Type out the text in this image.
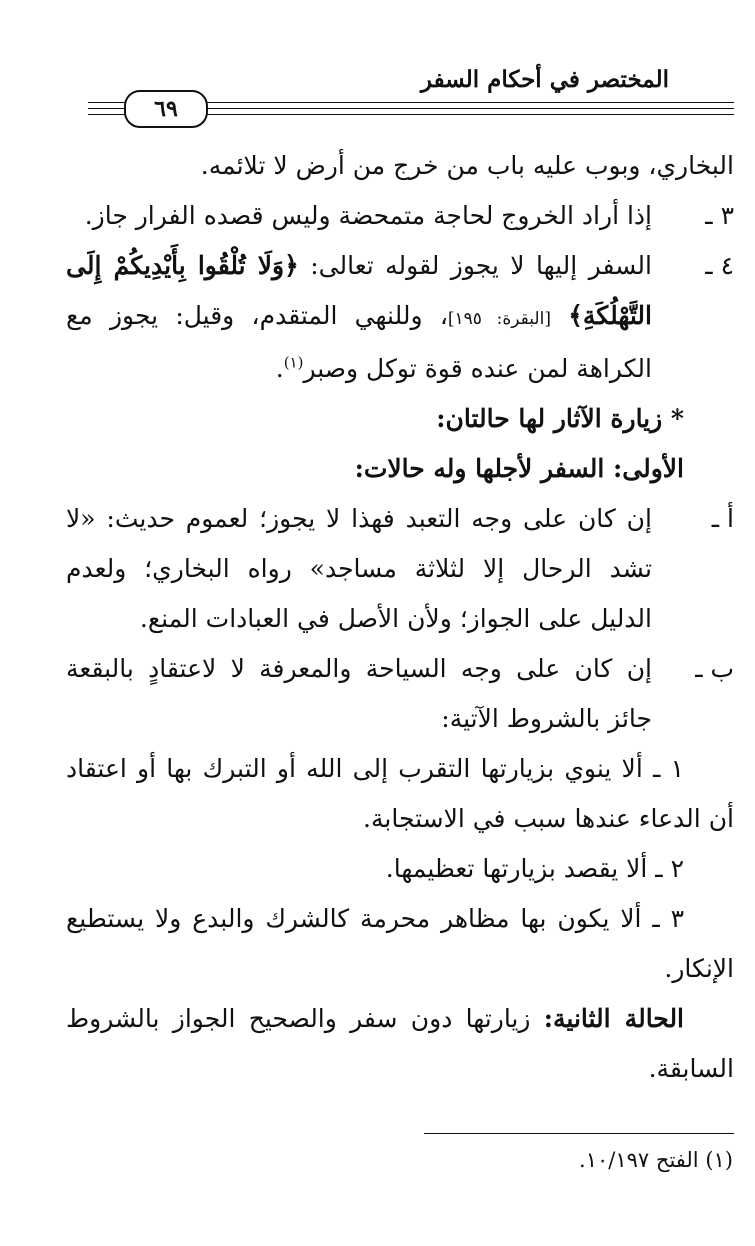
المختصر في أحكام السفر
٦٩

البخاري، وبوب عليه باب من خرج من أرض لا تلائمه.

٣ ـ
إذا أراد الخروج لحاجة متمحضة وليس قصده الفرار جاز.
٤ ـ
السفر إليها لا يجوز لقوله تعالى: ﴿وَلَا تُلْقُوا بِأَيْدِيكُمْ إِلَى التَّهْلُكَةِ﴾ [البقرة: ١٩٥]، وللنهي المتقدم، وقيل: يجوز مع الكراهة لمن عنده قوة توكل وصبر$^{(١)}$.

* زيارة الآثار لها حالتان:

الأولى: السفر لأجلها وله حالات:

أ ـ
إن كان على وجه التعبد فهذا لا يجوز؛ لعموم حديث: «لا تشد الرحال إلا لثلاثة مساجد» رواه البخاري؛ ولعدم الدليل على الجواز؛ ولأن الأصل في العبادات المنع.
ب ـ
إن كان على وجه السياحة والمعرفة لا لاعتقادٍ بالبقعة جائز بالشروط الآتية:

١ ـ ألا ينوي بزيارتها التقرب إلى الله أو التبرك بها أو اعتقاد أن الدعاء عندها سبب في الاستجابة.

٢ ـ ألا يقصد بزيارتها تعظيمها.

٣ ـ ألا يكون بها مظاهر محرمة كالشرك والبدع ولا يستطيع الإنكار.

الحالة الثانية: زيارتها دون سفر والصحيح الجواز بالشروط السابقة.

(١) الفتح ١٠/١٩٧.
